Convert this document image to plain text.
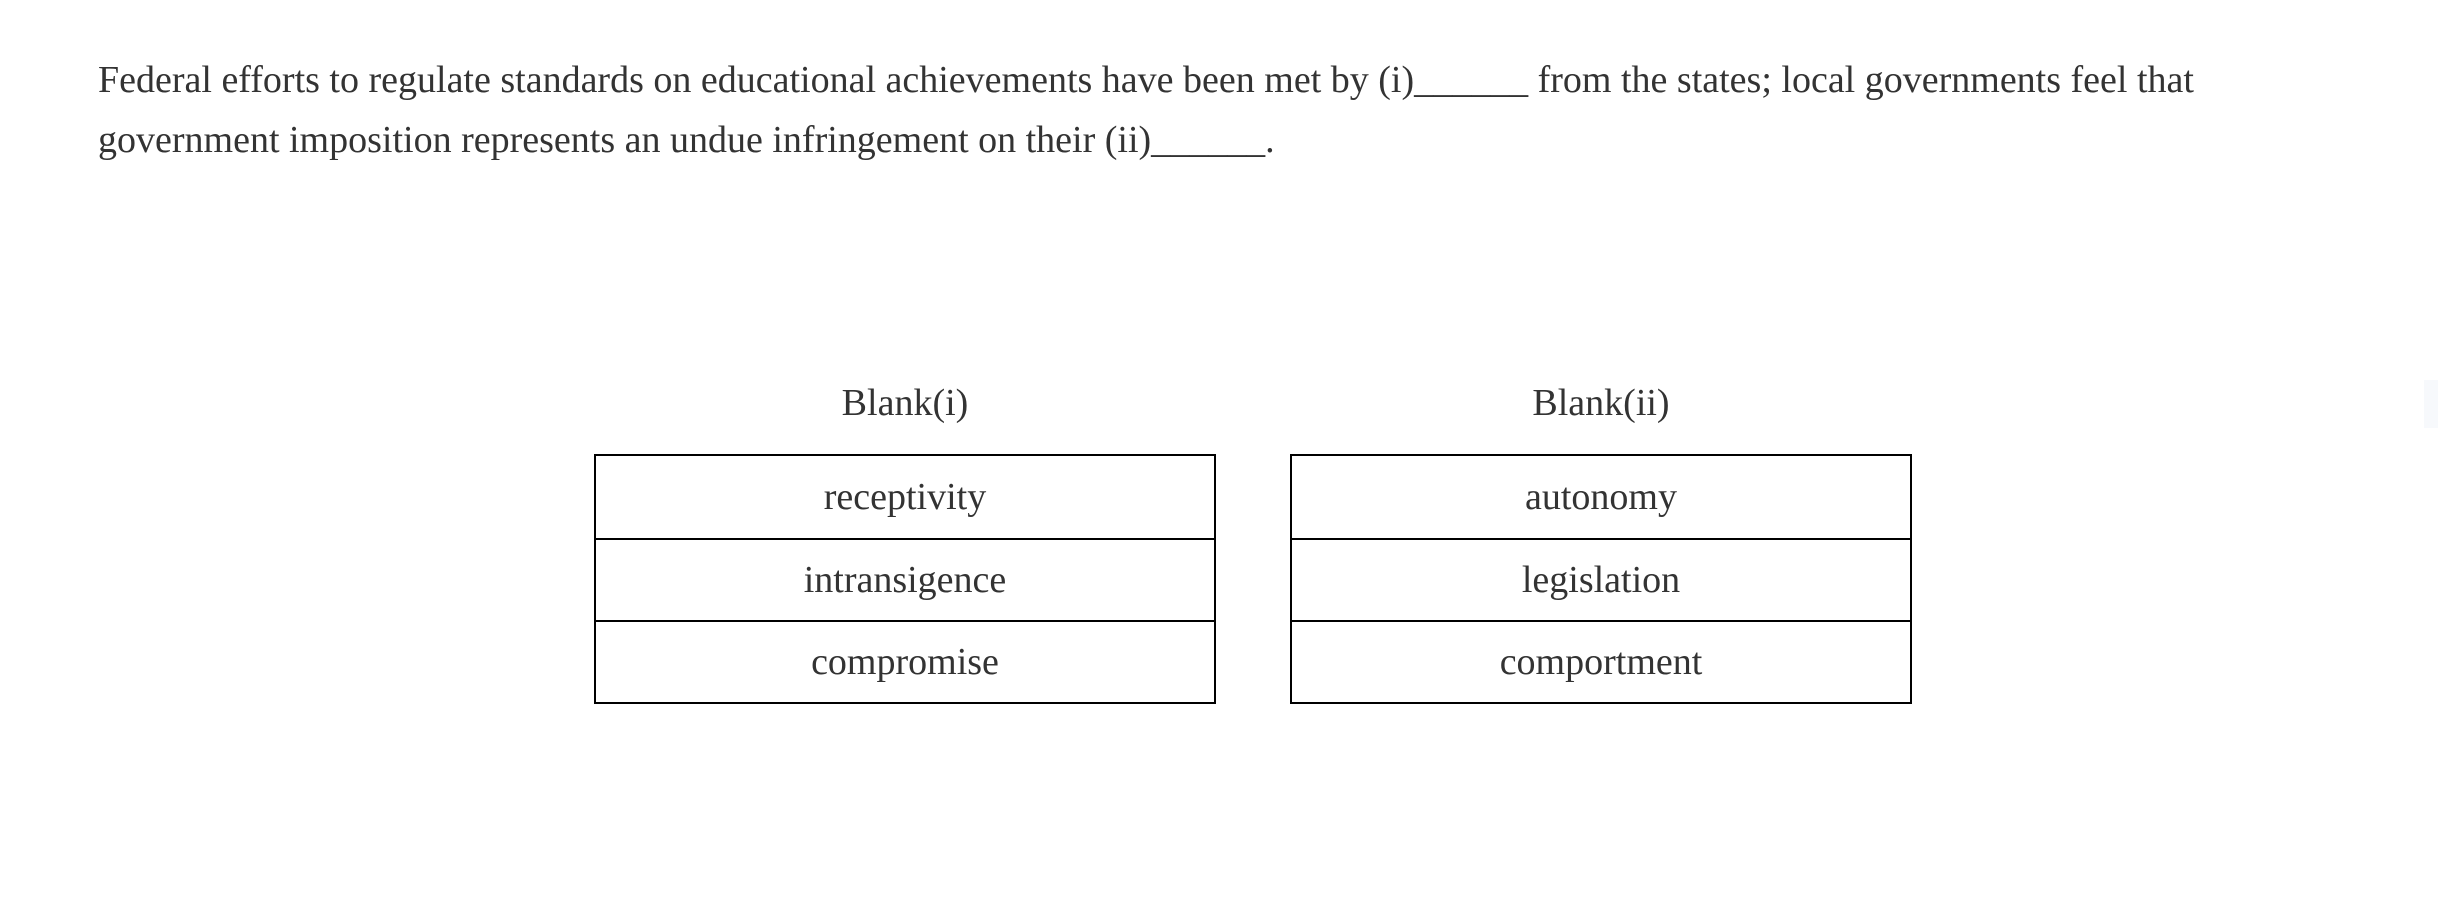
Federal efforts to regulate standards on educational achievements have been met by (i)______ from the states; local governments feel that government imposition represents an undue infringement on their (ii)______.

Blank(i)
receptivity
intransigence
compromise
Blank(ii)
autonomy
legislation
comportment
